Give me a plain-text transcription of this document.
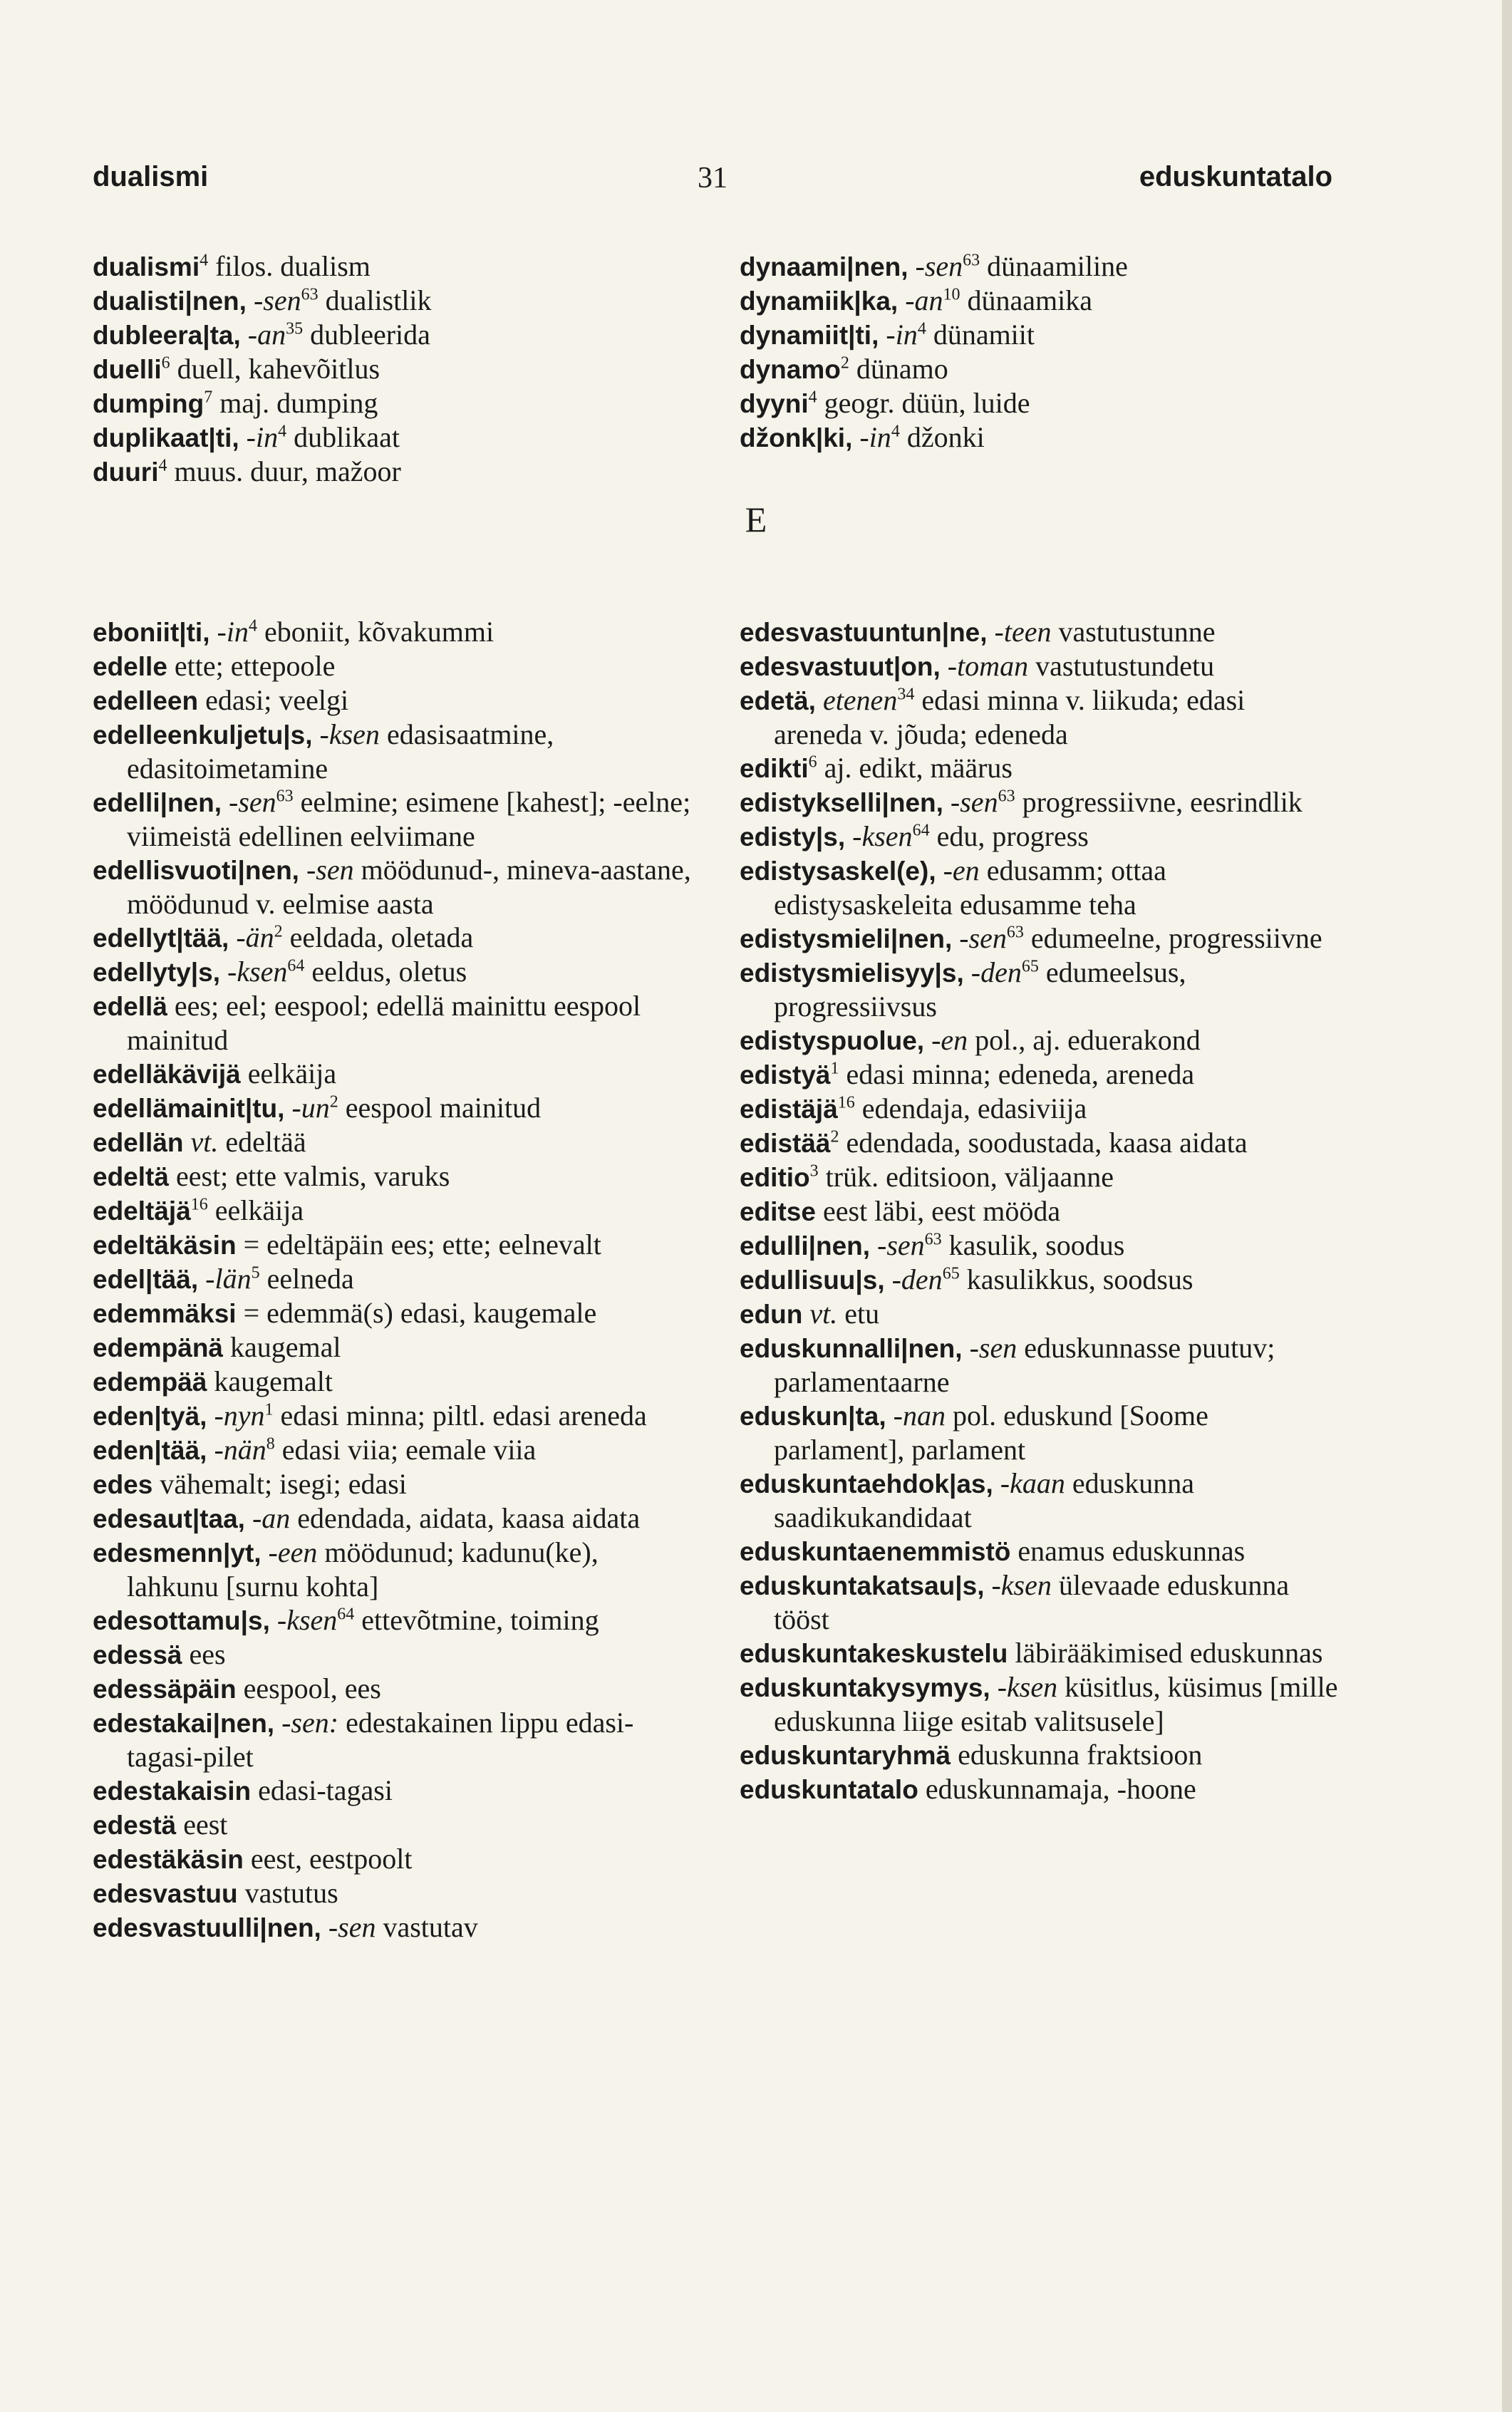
dualismi	31	eduskuntatalo

dualismi$^4$ filos. dualism

dualisti|nen, -sen$^{63}$ dualistlik

dubleera|ta, $-an^{35}$ dubleerida

duelli$^6$ duell, kahevõitlus

dumping$^7$ maj. dumping

duplikaat|ti, $-in^4$ dublikaat

duuri$^4$ muus. duur, mažoor

dynaami|nen, -sen$^{63}$ dünaamiline

dynamiik|ka, $-an^{10}$ dünaamika

dynamiit|ti, $-in^4$ dünamiit

dynamo$^2$ dünamo

dyyni$^4$ geogr. düün, luide

džonk|ki, $-in^4$ džonki

E

eboniit|ti, $-in^4$ eboniit, kõvakummi

edelle ette; ettepoole

edelleen edasi; veelgi

edelleenkuljetu|s, -ksen edasisaatmine, edasitoimetamine

edelli|nen, -sen$^{63}$ eelmine; esimene [kahest]; -eelne; viimeistä edellinen eelviimane

edellisvuoti|nen, -sen möödunud-, mineva-aastane, möödunud v. eelmise aasta

edellyt|tää, $-än^2$ eeldada, oletada

edellyty|s, -ksen$^{64}$ eeldus, oletus

edellä ees; eel; eespool; edellä mainittu eespool mainitud

edelläkävijä eelkäija

edellämainit|tu, $-un^2$ eespool mainitud

edellän vt. edeltää

edeltä eest; ette valmis, varuks

edeltäjä$^{16}$ eelkäija

edeltäkäsin = edeltäpäin ees; ette; eelnevalt

edel|tää, -län$^5$ eelneda

edemmäksi = edemmä(s) edasi, kaugemale

edempänä kaugemal

edempää kaugemalt

eden|tyä, -nyn$^1$ edasi minna; piltl. edasi areneda

eden|tää, -nän$^8$ edasi viia; eemale viia

edes vähemalt; isegi; edasi

edesaut|taa, -an edendada, aidata, kaasa aidata

edesmenn|yt, -een möödunud; kadunu(ke), lahkunu [surnu kohta]

edesottamu|s, -ksen$^{64}$ ettevõtmine, toiming

edessä ees

edessäpäin eespool, ees

edestakai|nen, -sen: edestakainen lippu edasi-tagasi-pilet

edestakaisin edasi-tagasi

edestä eest

edestäkäsin eest, eestpoolt

edesvastuu vastutus

edesvastuulli|nen, -sen vastutav

edesvastuuntun|ne, -teen vastutustunne

edesvastuut|on, -toman vastutustundetu

edetä, etenen$^{34}$ edasi minna v. liikuda; edasi areneda v. jõuda; edeneda

edikti$^6$ aj. edikt, määrus

edistykselli|nen, -sen$^{63}$ progressiivne, eesrindlik

edisty|s, -ksen$^{64}$ edu, progress

edistysaskel(e), -en edusamm; ottaa edistysaskeleita edusamme teha

edistysmieli|nen, -sen$^{63}$ edumeelne, progressiivne

edistysmielisyy|s, -den$^{65}$ edumeelsus, progressiivsus

edistyspuolue, -en pol., aj. eduerakond

edistyä$^1$ edasi minna; edeneda, areneda

edistäjä$^{16}$ edendaja, edasiviija

edistää$^2$ edendada, soodustada, kaasa aidata

editio$^3$ trük. editsioon, väljaanne

editse eest läbi, eest mööda

edulli|nen, -sen$^{63}$ kasulik, soodus

edullisuu|s, -den$^{65}$ kasulikkus, soodsus

edun vt. etu

eduskunnalli|nen, -sen eduskunnasse puutuv; parlamentaarne

eduskun|ta, -nan pol. eduskund [Soome parlament], parlament

eduskuntaehdok|as, -kaan eduskunna saadikukandidaat

eduskuntaenemmistö enamus eduskunnas

eduskuntakatsau|s, -ksen ülevaade eduskunna tööst

eduskuntakeskustelu läbirääkimised eduskunnas

eduskuntakysymys, -ksen küsitlus, küsimus [mille eduskunna liige esitab valitsusele]

eduskuntaryhmä eduskunna fraktsioon

eduskuntatalo eduskunnamaja, -hoone
